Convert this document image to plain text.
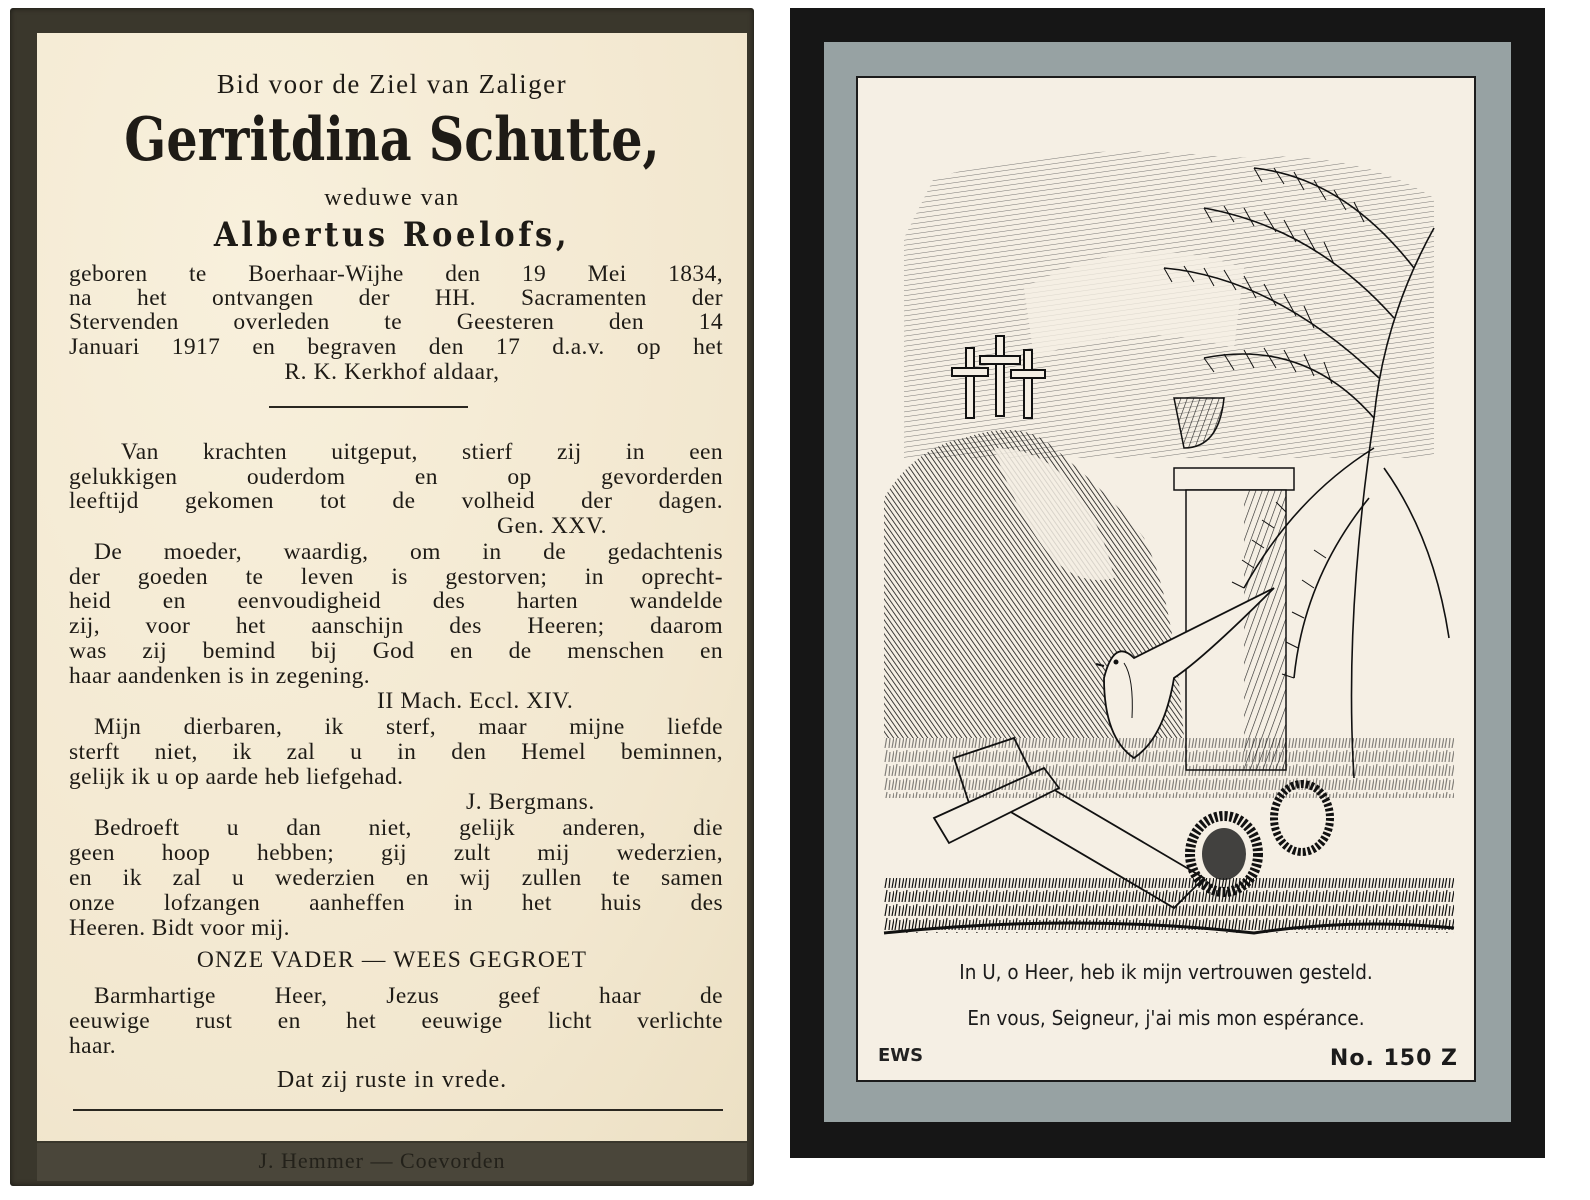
Bid voor de Ziel van Zaliger
Gerritdina Schutte,
weduwe van
Albertus Roelofs,
geboren te Boerhaar-Wijhe den 19 Mei 1834,
na het ontvangen der HH. Sacramenten der
Stervenden overleden te Geesteren den 14
Januari 1917 en begraven den 17 d.a.v. op het
R. K. Kerkhof aldaar,
Van krachten uitgeput, stierf zij in een
gelukkigen ouderdom en op gevorderden
leeftijd gekomen tot de volheid der dagen.
Gen. XXV.
De moeder, waardig, om in de gedachtenis
der goeden te leven is gestorven; in oprecht-
heid en eenvoudigheid des harten wandelde
zij, voor het aanschijn des Heeren; daarom
was zij bemind bij God en de menschen en
haar aandenken is in zegening.
II Mach. Eccl. XIV.
Mijn dierbaren, ik sterf, maar mijne liefde
sterft niet, ik zal u in den Hemel beminnen,
gelijk ik u op aarde heb liefgehad.
J. Bergmans.
Bedroeft u dan niet, gelijk anderen, die
geen hoop hebben; gij zult mij wederzien,
en ik zal u wederzien en wij zullen te samen
onze lofzangen aanheffen in het huis des
Heeren. Bidt voor mij.
ONZE VADER — WEES GEGROET
Barmhartige Heer, Jezus geef haar de
eeuwige rust en het eeuwige licht verlichte
haar.
Dat zij ruste in vrede.
J. Hemmer — Coevorden
In U, o Heer, heb ik mijn vertrouwen gesteld.
En vous, Seigneur, j'ai mis mon espérance.
EWS	No. 150 Z
